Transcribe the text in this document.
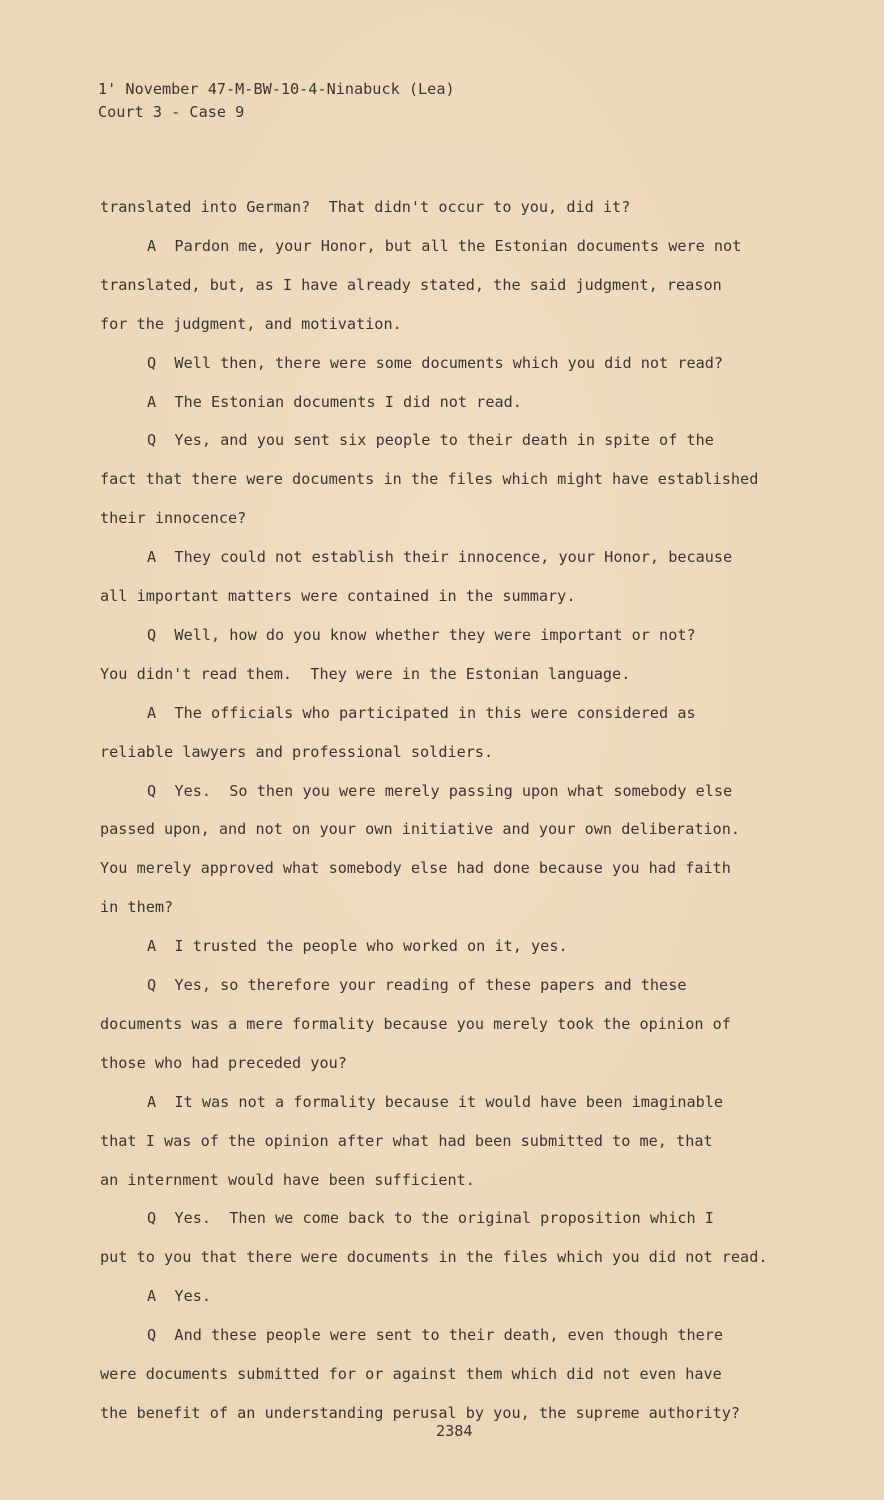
1' November 47-M-BW-10-4-Ninabuck (Lea)
Court 3 - Case 9
translated into German?  That didn't occur to you, did it?
A  Pardon me, your Honor, but all the Estonian documents were not
translated, but, as I have already stated, the said judgment, reason
for the judgment, and motivation.
Q  Well then, there were some documents which you did not read?
A  The Estonian documents I did not read.
Q  Yes, and you sent six people to their death in spite of the
fact that there were documents in the files which might have established
their innocence?
A  They could not establish their innocence, your Honor, because
all important matters were contained in the summary.
Q  Well, how do you know whether they were important or not?
You didn't read them.  They were in the Estonian language.
A  The officials who participated in this were considered as
reliable lawyers and professional soldiers.
Q  Yes.  So then you were merely passing upon what somebody else
passed upon, and not on your own initiative and your own deliberation.
You merely approved what somebody else had done because you had faith
in them?
A  I trusted the people who worked on it, yes.
Q  Yes, so therefore your reading of these papers and these
documents was a mere formality because you merely took the opinion of
those who had preceded you?
A  It was not a formality because it would have been imaginable
that I was of the opinion after what had been submitted to me, that
an internment would have been sufficient.
Q  Yes.  Then we come back to the original proposition which I
put to you that there were documents in the files which you did not read.
A  Yes.
Q  And these people were sent to their death, even though there
were documents submitted for or against them which did not even have
the benefit of an understanding perusal by you, the supreme authority?
2384
